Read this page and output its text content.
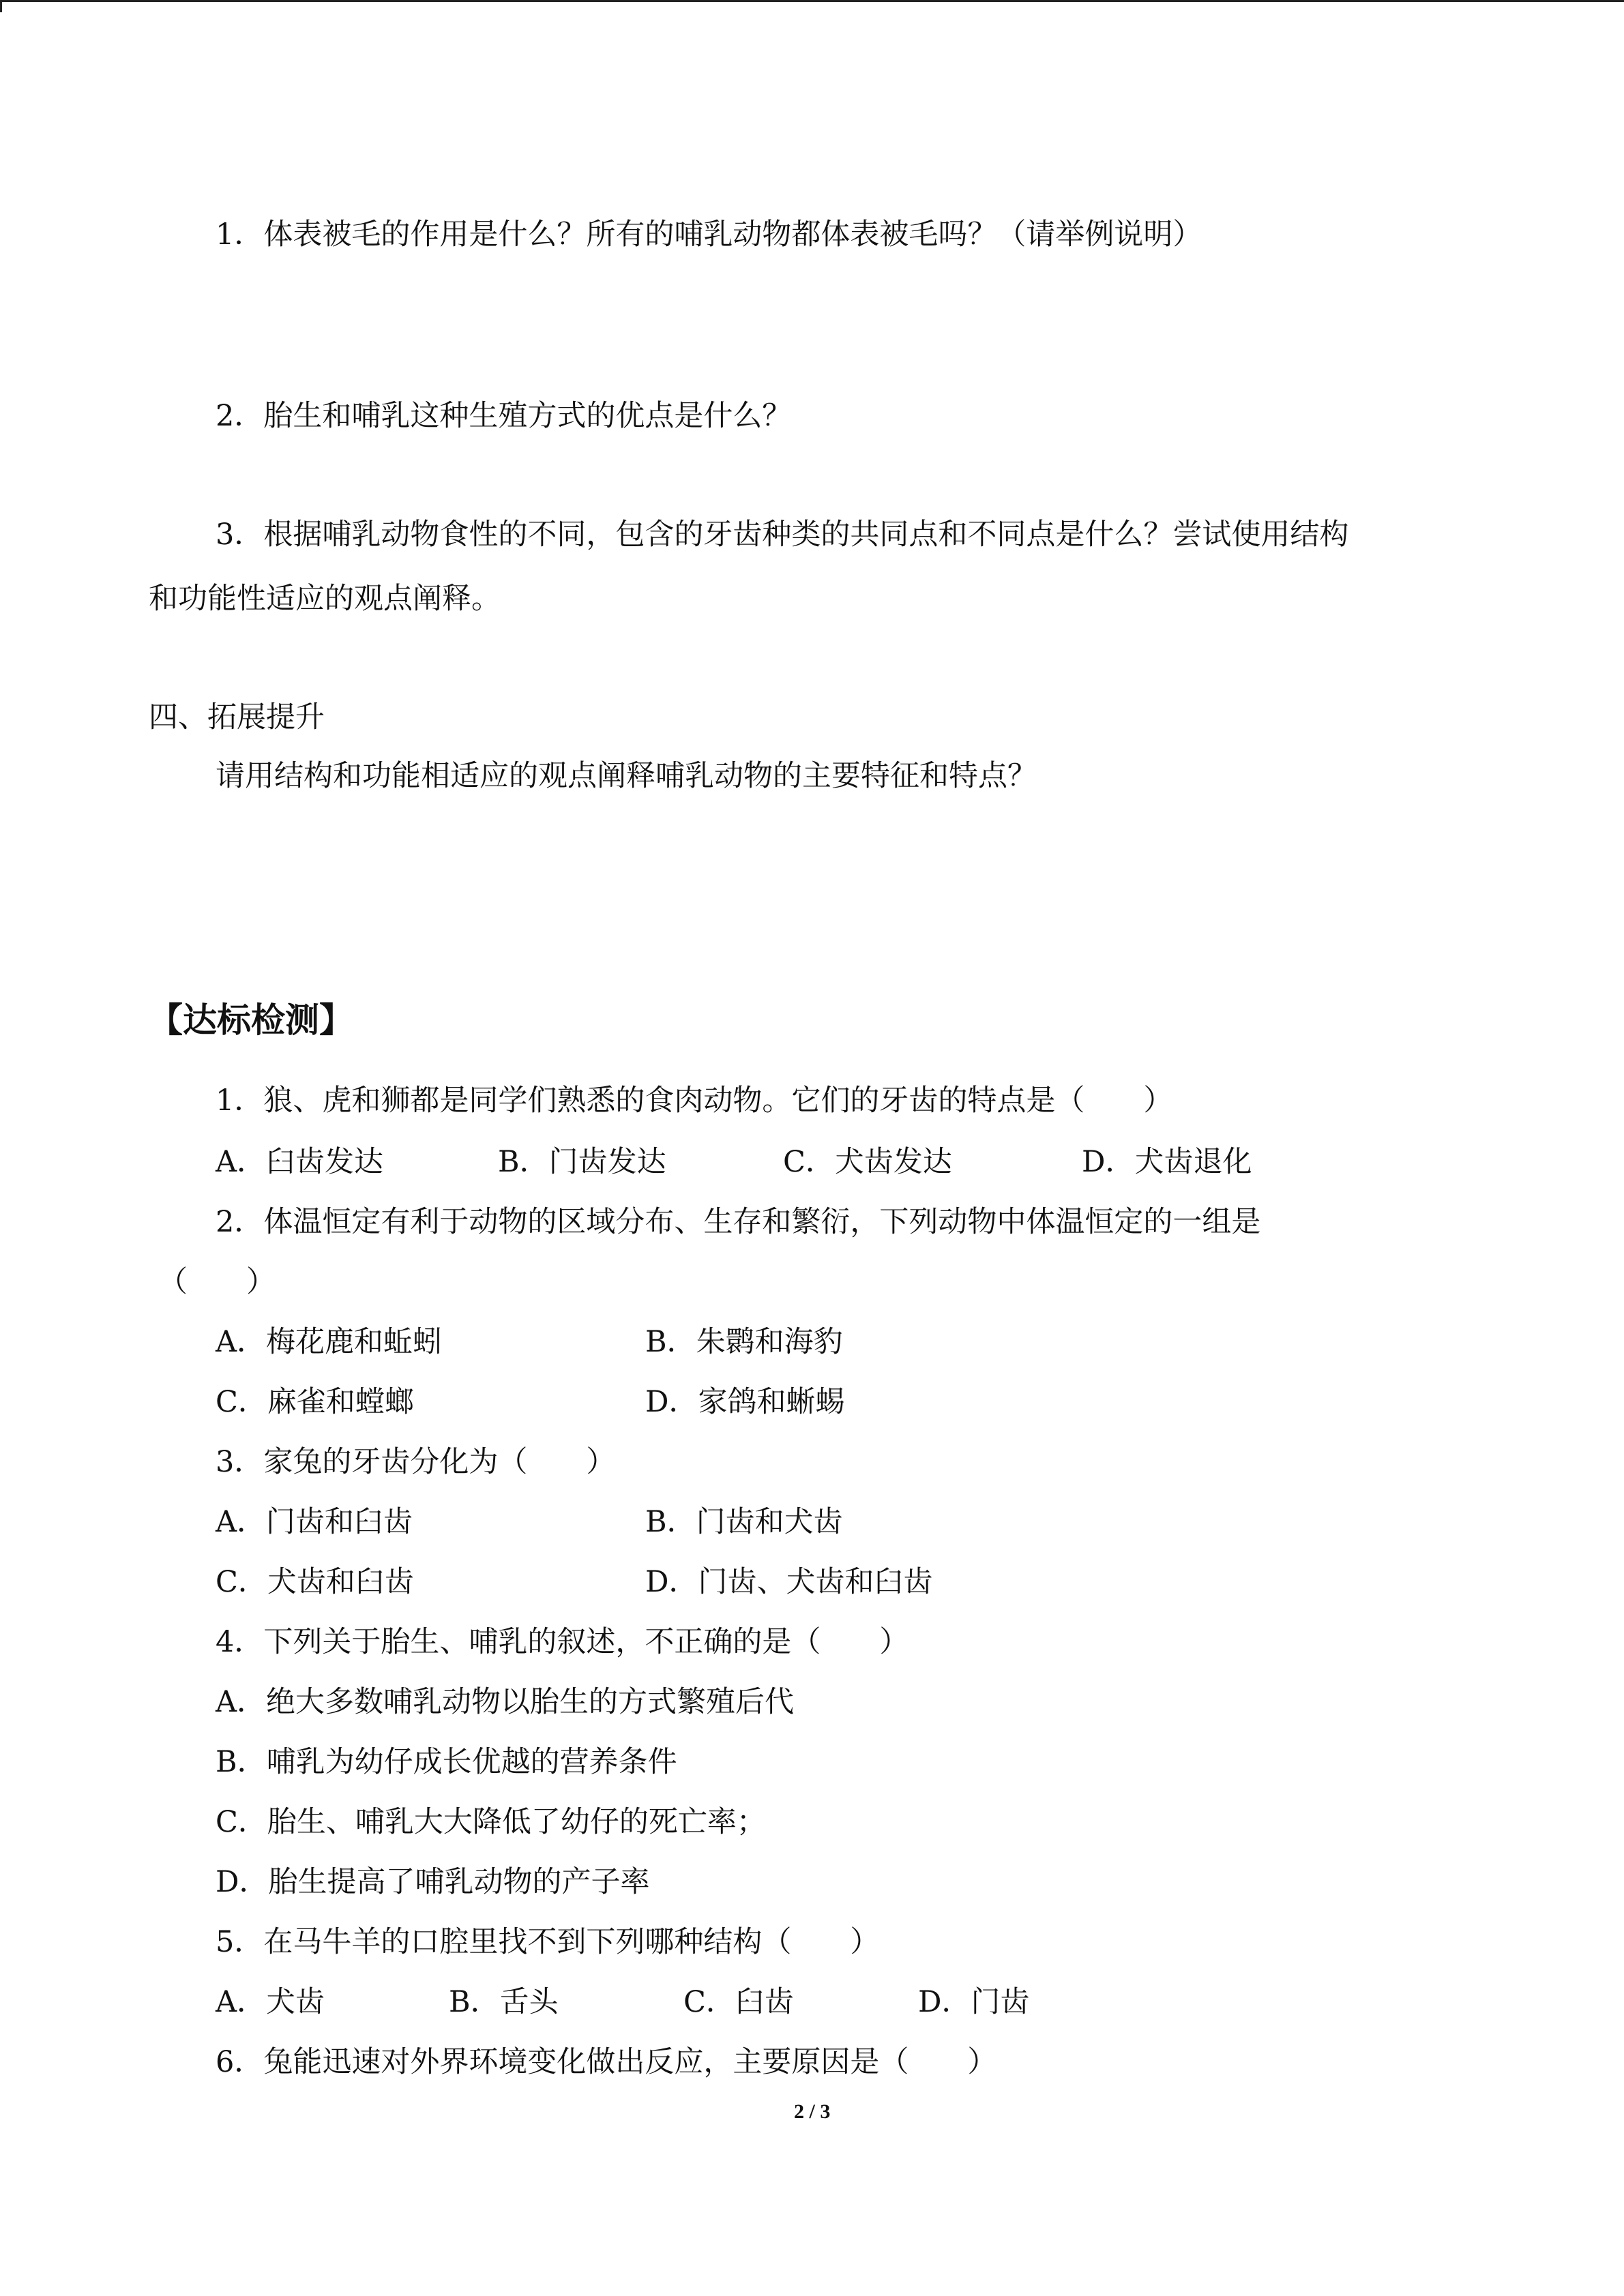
1．体表被毛的作用是什么？所有的哺乳动物都体表被毛吗？（请举例说明）
2．胎生和哺乳这种生殖方式的优点是什么？
3．根据哺乳动物食性的不同，包含的牙齿种类的共同点和不同点是什么？尝试使用结构
和功能性适应的观点阐释。
四、拓展提升
请用结构和功能相适应的观点阐释哺乳动物的主要特征和特点？
【达标检测】
1．狼、虎和狮都是同学们熟悉的食肉动物。它们的牙齿的特点是（　　）
A．臼齿发达	B．门齿发达	C．犬齿发达	D．犬齿退化
2．体温恒定有利于动物的区域分布、生存和繁衍，下列动物中体温恒定的一组是
（　　）
A．梅花鹿和蚯蚓	B．朱鹮和海豹
C．麻雀和螳螂	D．家鸽和蜥蜴
3．家兔的牙齿分化为（　　）
A．门齿和臼齿	B．门齿和犬齿
C．犬齿和臼齿	D．门齿、犬齿和臼齿
4．下列关于胎生、哺乳的叙述，不正确的是（　　）
A．绝大多数哺乳动物以胎生的方式繁殖后代
B．哺乳为幼仔成长优越的营养条件
C．胎生、哺乳大大降低了幼仔的死亡率；
D．胎生提高了哺乳动物的产子率
5．在马牛羊的口腔里找不到下列哪种结构（　　）
A．犬齿	B．舌头	C．臼齿	D．门齿
6．兔能迅速对外界环境变化做出反应，主要原因是（　　）
2 / 3
